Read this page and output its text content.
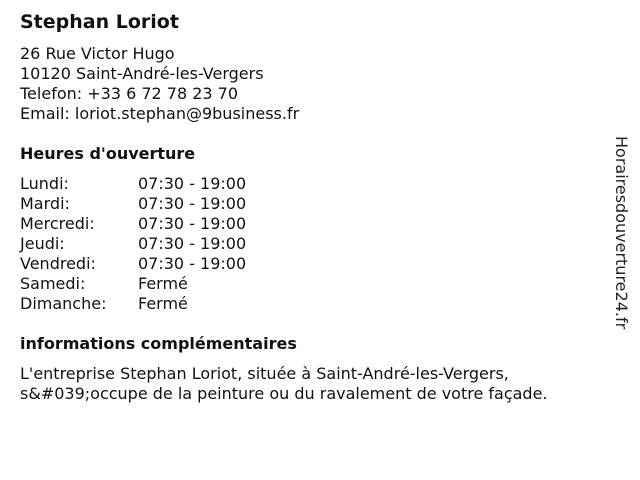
Stephan Loriot
26 Rue Victor Hugo
10120 Saint-André-les-Vergers
Telefon: +33 6 72 78 23 70
Email: loriot.stephan@9business.fr
Heures d'ouverture
Lundi:	07:30 - 19:00
Mardi:	07:30 - 19:00
Mercredi:	07:30 - 19:00
Jeudi:	07:30 - 19:00
Vendredi:	07:30 - 19:00
Samedi:	Fermé
Dimanche:	Fermé
informations complémentaires
L'entreprise Stephan Loriot, située à Saint-André-les-Vergers, s&#039;occupe de la peinture ou du ravalement de votre façade.
Horairesdouverture24.fr
